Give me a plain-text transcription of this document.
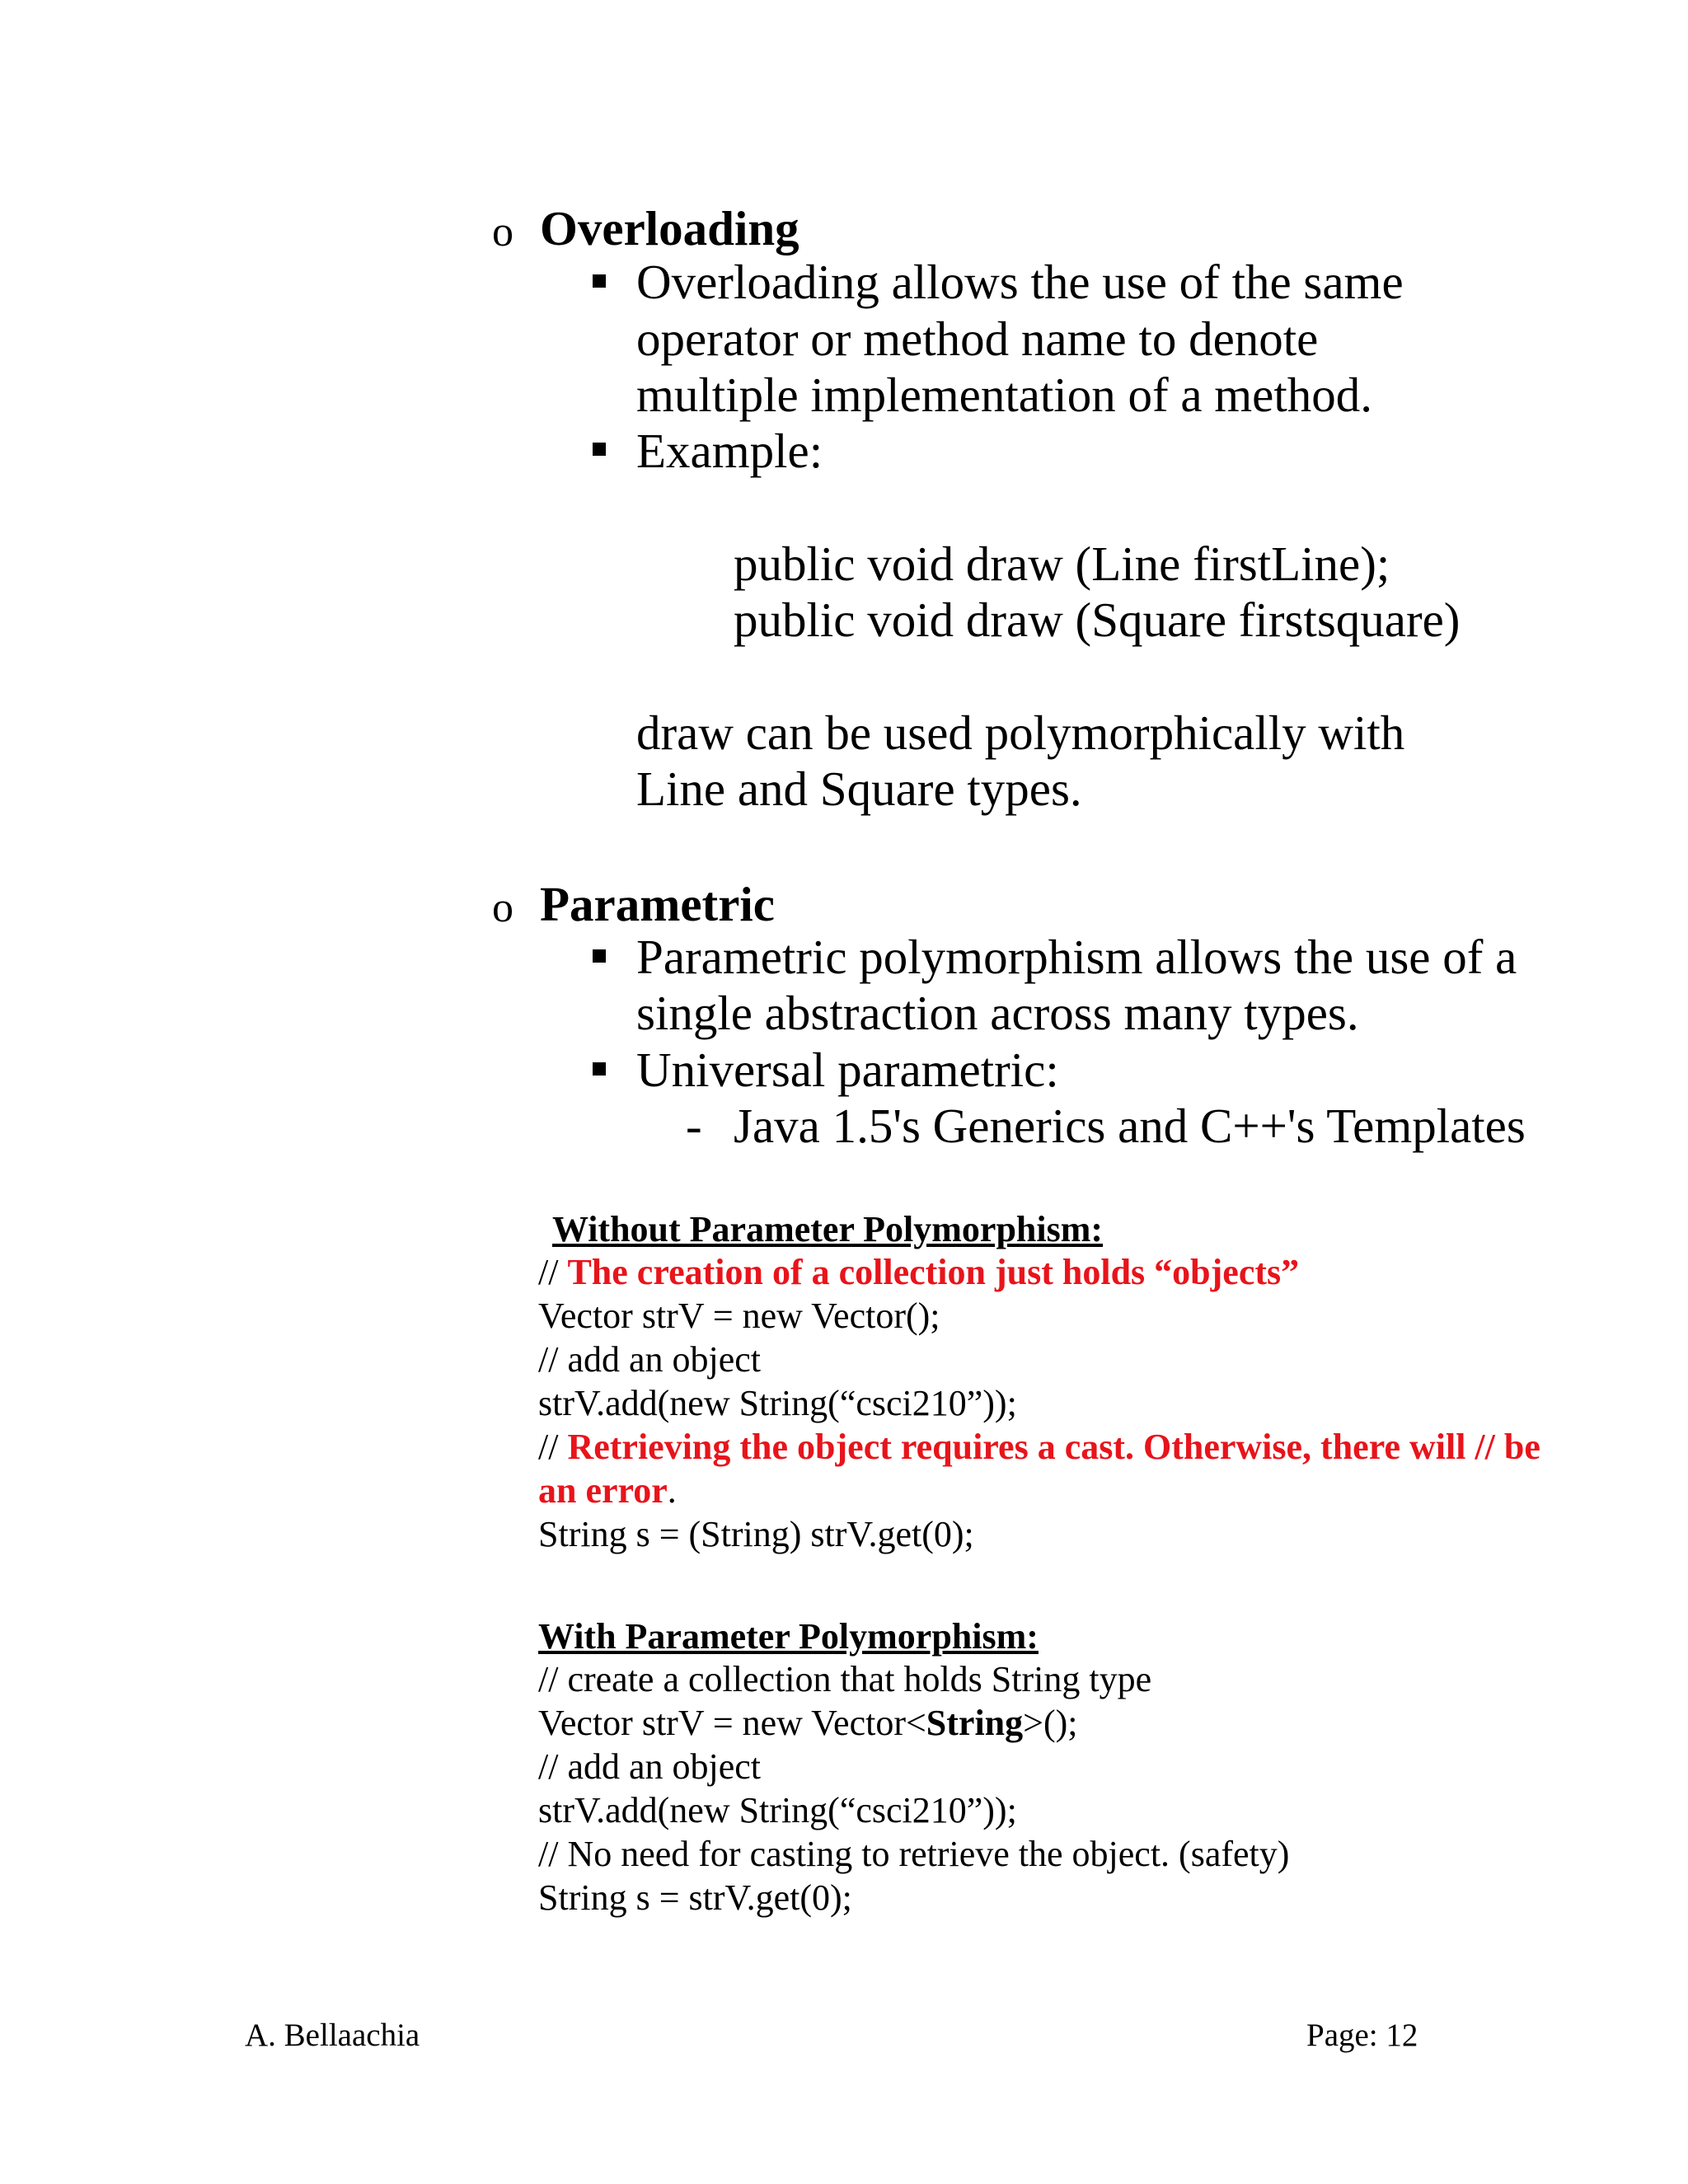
o Overloading
Overloading allows the use of the same
operator or method name to denote
multiple implementation of a method.
Example:
public void draw (Line firstLine);
public void draw (Square firstsquare)
draw can be used polymorphically with
Line and Square types.
o Parametric
Parametric polymorphism allows the use of a
single abstraction across many types.
Universal parametric:
- Java 1.5's Generics and C++'s Templates
Without Parameter Polymorphism:
// The creation of a collection just holds “objects”
Vector strV = new Vector();
// add an object
strV.add(new String(“csci210”));
// Retrieving the object requires a cast. Otherwise, there will // be
an error.
String s = (String) strV.get(0);
With Parameter Polymorphism:
// create a collection that holds String type
Vector strV = new Vector<String>();
// add an object
strV.add(new String(“csci210”));
// No need for casting to retrieve the object. (safety)
String s = strV.get(0);
A. Bellaachia	Page: 12
